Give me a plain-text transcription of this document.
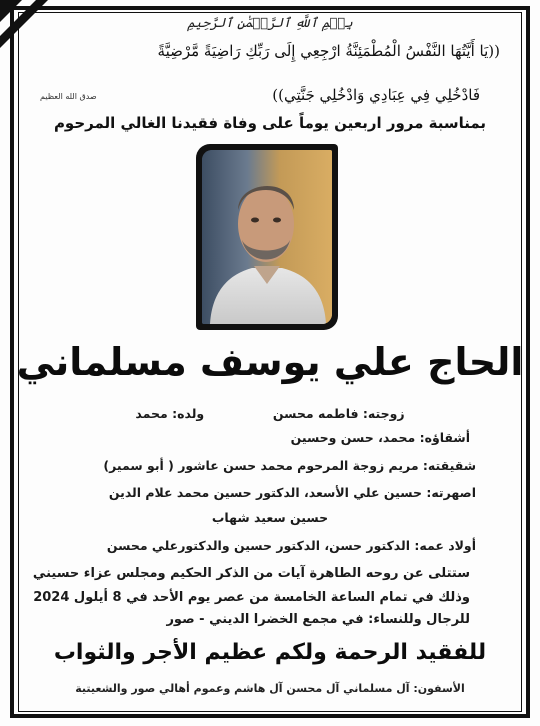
بِسۡمِ ٱللَّهِ ٱلرَّحۡمَٰنِ ٱلرَّحِيمِ
((يَا أَيَّتُهَا النَّفْسُ الْمُطْمَئِنَّةُ ارْجِعِي إِلَى رَبِّكِ رَاضِيَةً مَّرْضِيَّةً
فَادْخُلِي فِي عِبَادِي وَادْخُلِي جَنَّتِي))
صدق الله العظيم
بمناسبة مرور اربعين يوماً على وفاة فقيدنا الغالي المرحوم
الحاج علي يوسف مسلماني
زوجته: فاطمه محسن  ولده: محمد
أشقاؤه: محمد، حسن وحسين
شقيقته: مريم زوجة المرحوم محمد حسن عاشور ( أبو سمير)
اصهرته: حسين علي الأسعد، الدكتور حسين محمد علام الدين
حسين سعيد شهاب
أولاد عمه: الدكتور حسن، الدكتور حسين والدكتورعلي محسن
ستتلى عن روحه الطاهرة آيات من الذكر الحكيم ومجلس عزاء حسيني
وذلك في تمام الساعة الخامسة من عصر يوم الأحد في 8 أيلول 2024
للرجال وللنساء: في مجمع الخضرا الديني - صور
للفقيد الرحمة ولكم عظيم الأجر والثواب
الأسفون: آل مسلماني آل محسن آل هاشم وعموم أهالي صور والشعيتية
